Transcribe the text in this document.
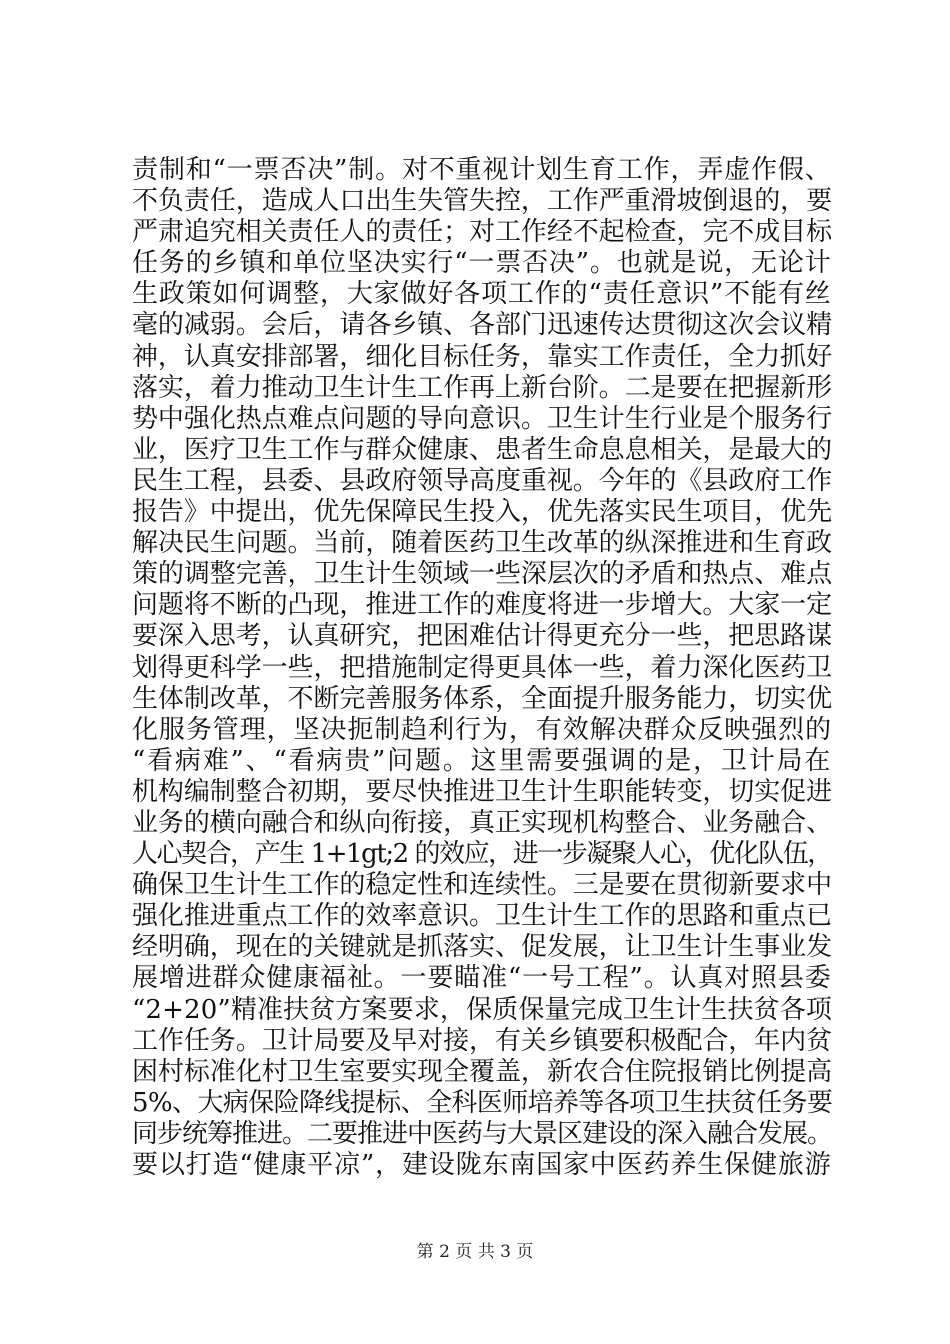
责制和“一票否决”制。对不重视计划生育工作，弄虚作假、
不负责任，造成人口出生失管失控，工作严重滑坡倒退的，要
严肃追究相关责任人的责任；对工作经不起检查，完不成目标
任务的乡镇和单位坚决实行“一票否决”。也就是说，无论计
生政策如何调整，大家做好各项工作的“责任意识”不能有丝
毫的减弱。会后，请各乡镇、各部门迅速传达贯彻这次会议精
神，认真安排部署，细化目标任务，靠实工作责任，全力抓好
落实，着力推动卫生计生工作再上新台阶。二是要在把握新形
势中强化热点难点问题的导向意识。卫生计生行业是个服务行
业，医疗卫生工作与群众健康、患者生命息息相关，是最大的
民生工程，县委、县政府领导高度重视。今年的《县政府工作
报告》中提出，优先保障民生投入，优先落实民生项目，优先
解决民生问题。当前，随着医药卫生改革的纵深推进和生育政
策的调整完善，卫生计生领域一些深层次的矛盾和热点、难点
问题将不断的凸现，推进工作的难度将进一步增大。大家一定
要深入思考，认真研究，把困难估计得更充分一些，把思路谋
划得更科学一些，把措施制定得更具体一些，着力深化医药卫
生体制改革，不断完善服务体系，全面提升服务能力，切实优
化服务管理，坚决扼制趋利行为，有效解决群众反映强烈的
“看病难”、“看病贵”问题。这里需要强调的是，卫计局在
机构编制整合初期，要尽快推进卫生计生职能转变，切实促进
业务的横向融合和纵向衔接，真正实现机构整合、业务融合、
人心契合，产生 1+1gt;2 的效应，进一步凝聚人心，优化队伍，
确保卫生计生工作的稳定性和连续性。三是要在贯彻新要求中
强化推进重点工作的效率意识。卫生计生工作的思路和重点已
经明确，现在的关键就是抓落实、促发展，让卫生计生事业发
展增进群众健康福祉。一要瞄准“一号工程”。认真对照县委
“2+20”精准扶贫方案要求，保质保量完成卫生计生扶贫各项
工作任务。卫计局要及早对接，有关乡镇要积极配合，年内贫
困村标准化村卫生室要实现全覆盖，新农合住院报销比例提高
5%、大病保险降线提标、全科医师培养等各项卫生扶贫任务要
同步统筹推进。二要推进中医药与大景区建设的深入融合发展。
要以打造“健康平凉”，建设陇东南国家中医药养生保健旅游
第 2 页 共 3 页
